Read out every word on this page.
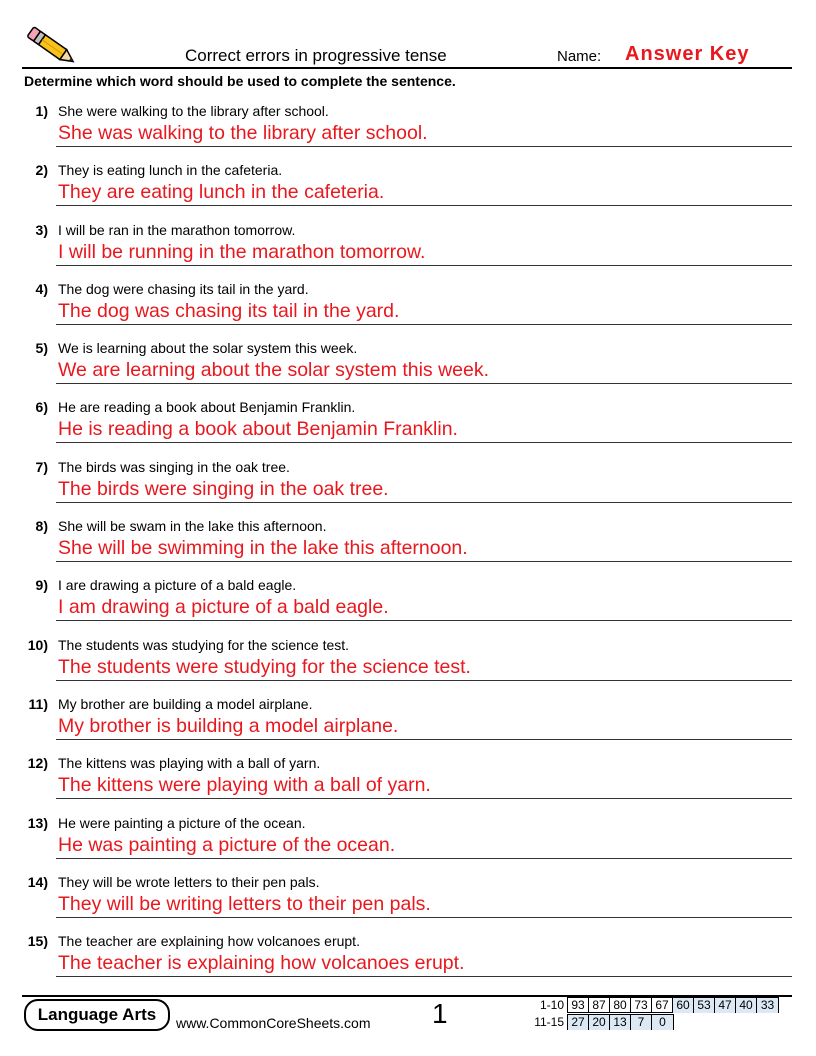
Correct errors in progressive tense	Name: Answer Key
Determine which word should be used to complete the sentence.
1) She were walking to the library after school.
She was walking to the library after school.
2) They is eating lunch in the cafeteria.
They are eating lunch in the cafeteria.
3) I will be ran in the marathon tomorrow.
I will be running in the marathon tomorrow.
4) The dog were chasing its tail in the yard.
The dog was chasing its tail in the yard.
5) We is learning about the solar system this week.
We are learning about the solar system this week.
6) He are reading a book about Benjamin Franklin.
He is reading a book about Benjamin Franklin.
7) The birds was singing in the oak tree.
The birds were singing in the oak tree.
8) She will be swam in the lake this afternoon.
She will be swimming in the lake this afternoon.
9) I are drawing a picture of a bald eagle.
I am drawing a picture of a bald eagle.
10) The students was studying for the science test.
The students were studying for the science test.
11) My brother are building a model airplane.
My brother is building a model airplane.
12) The kittens was playing with a ball of yarn.
The kittens were playing with a ball of yarn.
13) He were painting a picture of the ocean.
He was painting a picture of the ocean.
14) They will be wrote letters to their pen pals.
They will be writing letters to their pen pals.
15) The teacher are explaining how volcanoes erupt.
The teacher is explaining how volcanoes erupt.
Language Arts	www.CommonCoreSheets.com 1	1-10 93 87 80 73 67 60 53 47 40 33
11-15 27 20 13 7	0
